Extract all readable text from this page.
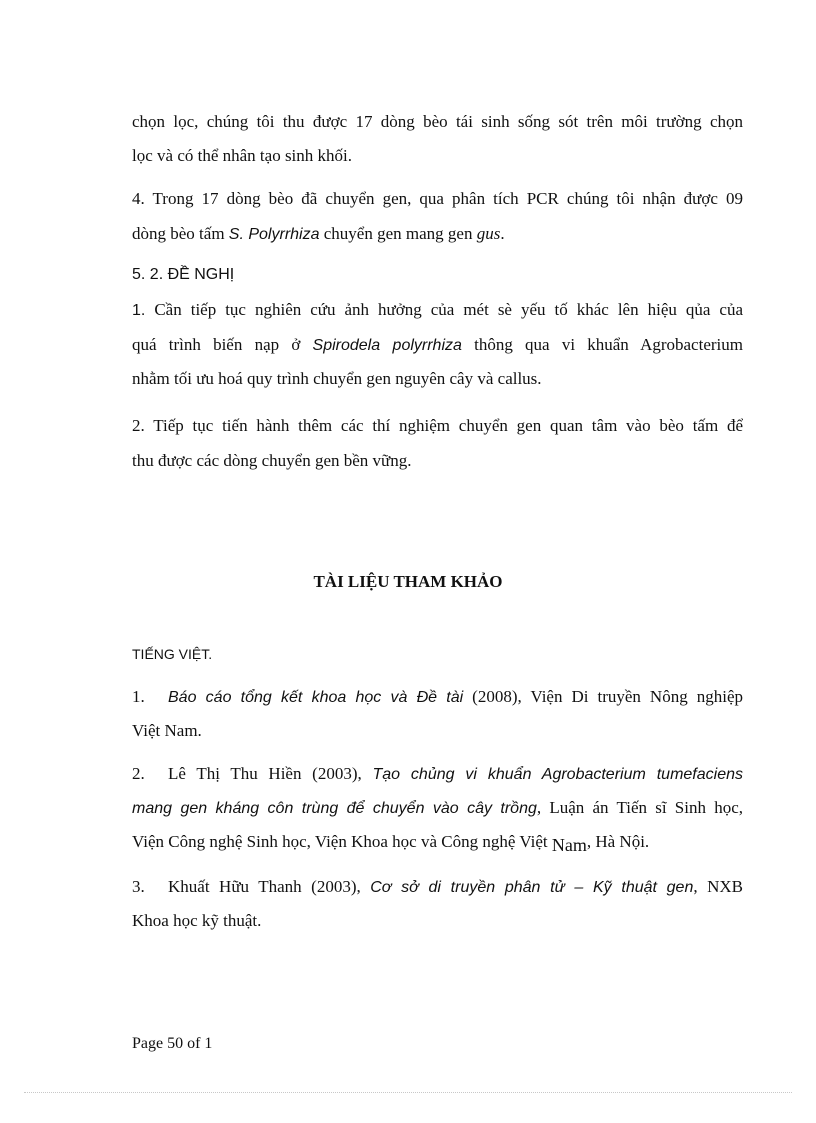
chọn lọc, chúng tôi thu được 17 dòng bèo tái sinh sống sót trên môi trường chọn
lọc và có thể nhân tạo sinh khối.
4. Trong 17 dòng bèo đã chuyển gen, qua phân tích PCR chúng tôi nhận được 09
dòng bèo tấm S. Polyrrhiza chuyển gen mang gen gus.
5. 2. ĐỀ NGHỊ
1. Cần tiếp tục nghiên cứu ảnh hưởng của mét sè yếu tố khác lên hiệu qủa của
quá trình biến nạp ở Spirodela polyrrhiza thông qua vi khuẩn Agrobacterium
nhằm tối ưu hoá quy trình chuyển gen nguyên cây và callus.
2. Tiếp tục tiến hành thêm các thí nghiệm chuyển gen quan tâm vào bèo tấm để
thu được các dòng chuyển gen bền vững.
TÀI LIỆU THAM KHẢO
TIẾNG VIỆT.
1. Báo cáo tổng kết khoa học và Đề tài (2008), Viện Di truyền Nông nghiệp
Việt Nam.
2. Lê Thị Thu Hiền (2003), Tạo chủng vi khuẩn Agrobacterium tumefaciens
mang gen kháng côn trùng để chuyển vào cây trồng, Luận án Tiến sĩ Sinh học,
Viện Công nghệ Sinh học, Viện Khoa học và Công nghệ Việt Nam, Hà Nội.
3. Khuất Hữu Thanh (2003), Cơ sở di truyền phân tử – Kỹ thuật gen, NXB
Khoa học kỹ thuật.
Page 50 of 1
